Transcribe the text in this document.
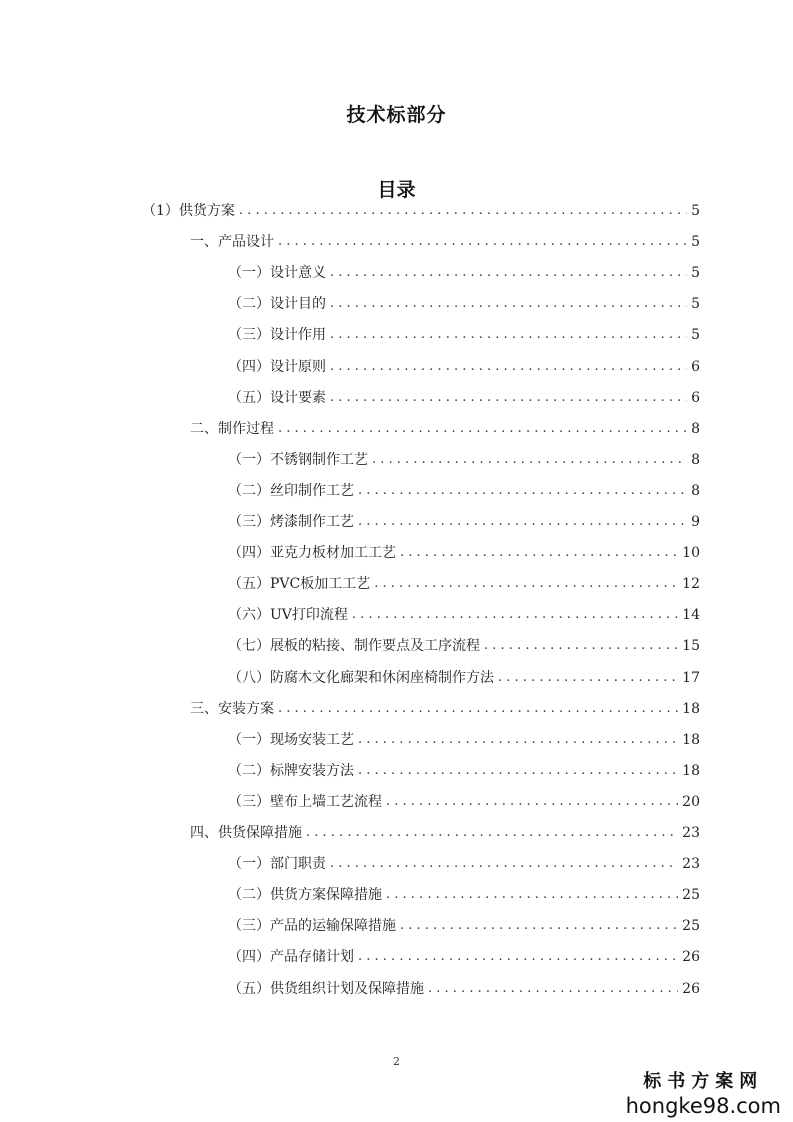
技术标部分
目录
（1）供货方案 . . .	5
一、产品设计 . . .	5
（一）设计意义 . . .	5
（二）设计目的 . . .	5
（三）设计作用 . . .	5
（四）设计原则 . . .	6
（五）设计要素 . . .	6
二、制作过程 . . .	8
（一）不锈钢制作工艺 . . .	8
（二）丝印制作工艺 . . .	8
（三）烤漆制作工艺 . . .	9
（四）亚克力板材加工工艺 . . .	10
（五）PVC板加工工艺 . . .	12
（六）UV打印流程 . . .	14
（七）展板的粘接、制作要点及工序流程 . . .	15
（八）防腐木文化廊架和休闲座椅制作方法 . . .	17
三、安装方案 . . .	18
（一）现场安装工艺 . . .	18
（二）标牌安装方法 . . .	18
（三）壁布上墙工艺流程 . . .	20
四、供货保障措施 . . .	23
（一）部门职责 . . .	23
（二）供货方案保障措施 . . .	25
（三）产品的运输保障措施 . . .	25
（四）产品存储计划 . . .	26
（五）供货组织计划及保障措施 . . .	26
2
标书方案网
hongke98.com
